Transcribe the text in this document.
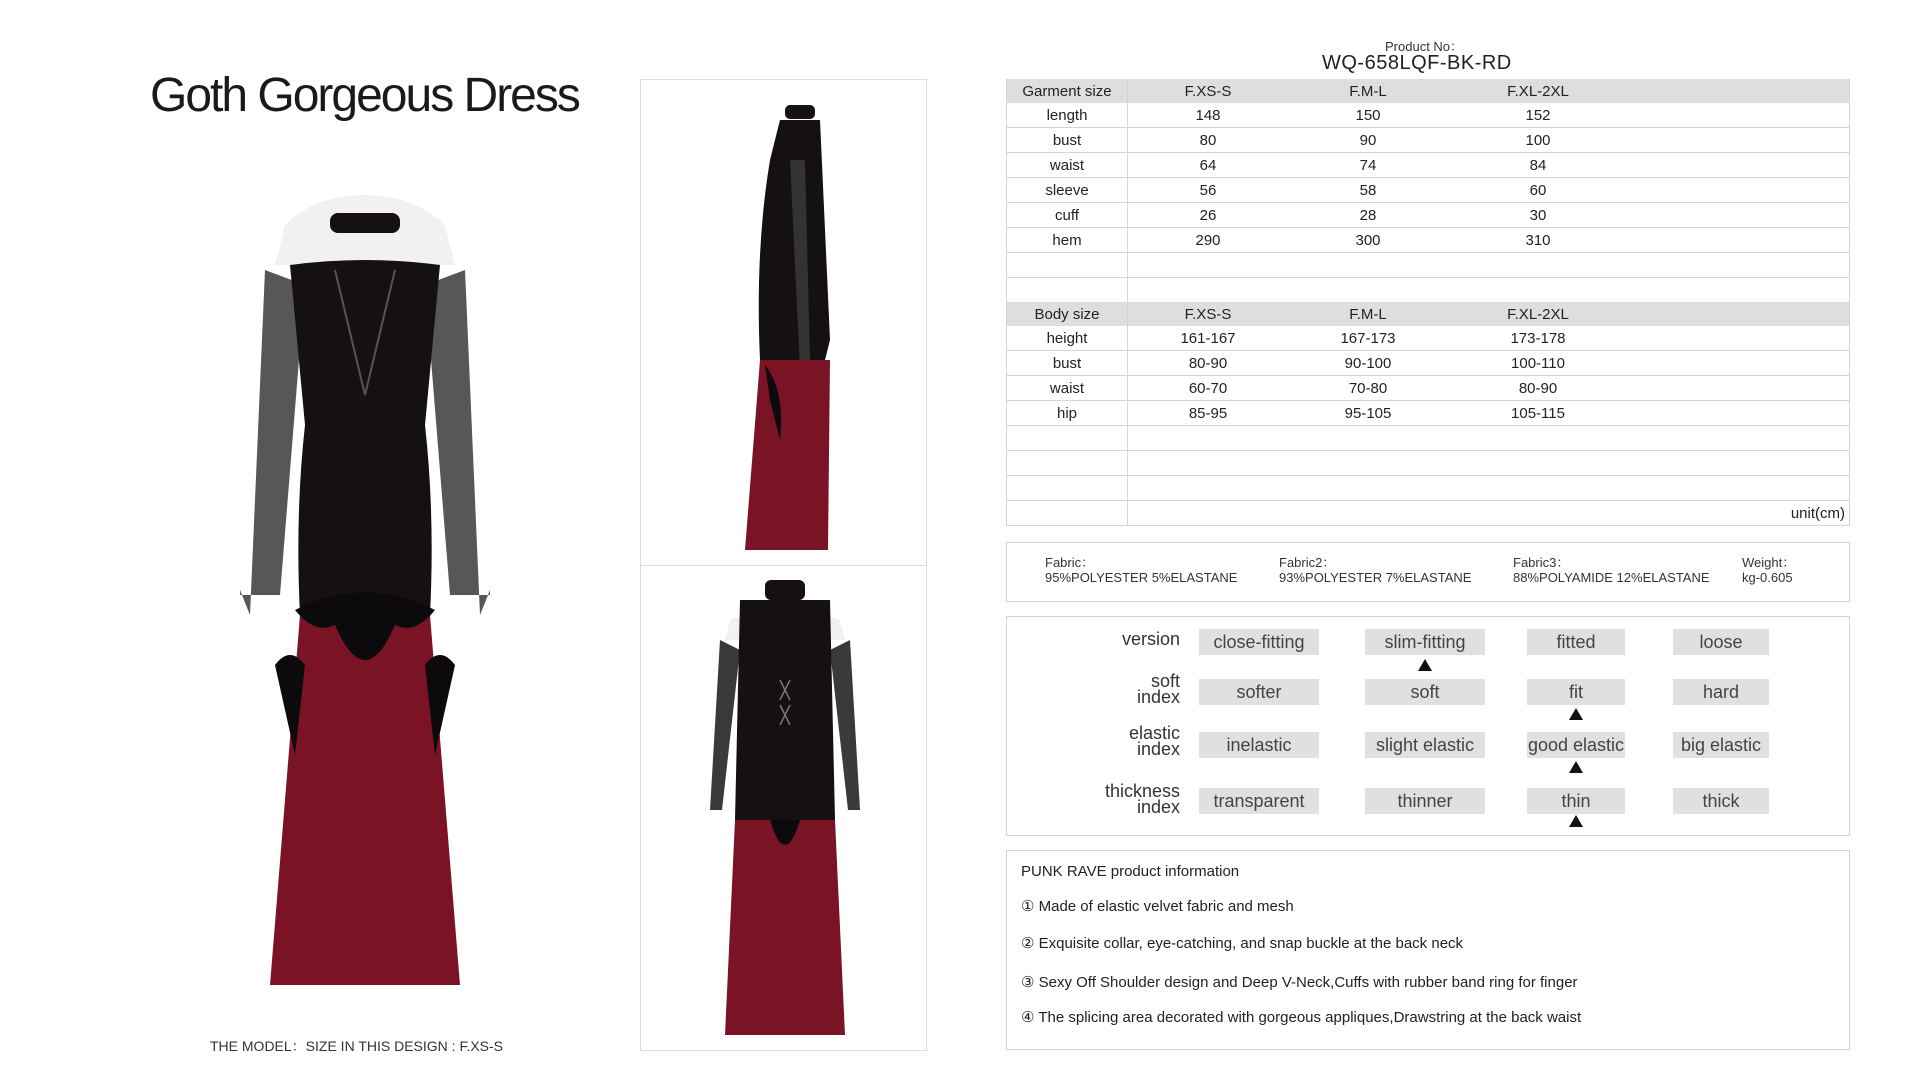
Goth Gorgeous Dress
THE MODEL：SIZE IN THIS DESIGN : F.XS-S
Product No：
WQ-658LQF-BK-RD
Garment size	F.XS-S	F.M-L	F.XL-2XL	
length	148	150	152	
bust	80	90	100	
waist	64	74	84	
sleeve	56	58	60	
cuff	26	28	30	
hem	290	300	310	

Body size	F.XS-S	F.M-L	F.XL-2XL	
height	161-167	167-173	173-178	
bust	80-90	90-100	100-110	
waist	60-70	70-80	80-90	
hip	85-95	95-105	105-115	

	unit(cm)			
Fabric：
95%POLYESTER 5%ELASTANE
Fabric2：
93%POLYESTER 7%ELASTANE
Fabric3：
88%POLYAMIDE 12%ELASTANE
Weight：
kg-0.605
version	close-fitting	slim-fitting	fitted	loose
soft
index	softer	soft	fit	hard
elastic
index	inelastic	slight elastic	good elastic	big elastic
thickness
index	transparent	thinner	thin	thick
PUNK RAVE product information
① Made of elastic velvet fabric and mesh
② Exquisite collar, eye-catching, and snap buckle at the back neck
③ Sexy Off Shoulder design and Deep V-Neck,Cuffs with rubber band ring for finger
④ The splicing area decorated with gorgeous appliques,Drawstring at the back waist
